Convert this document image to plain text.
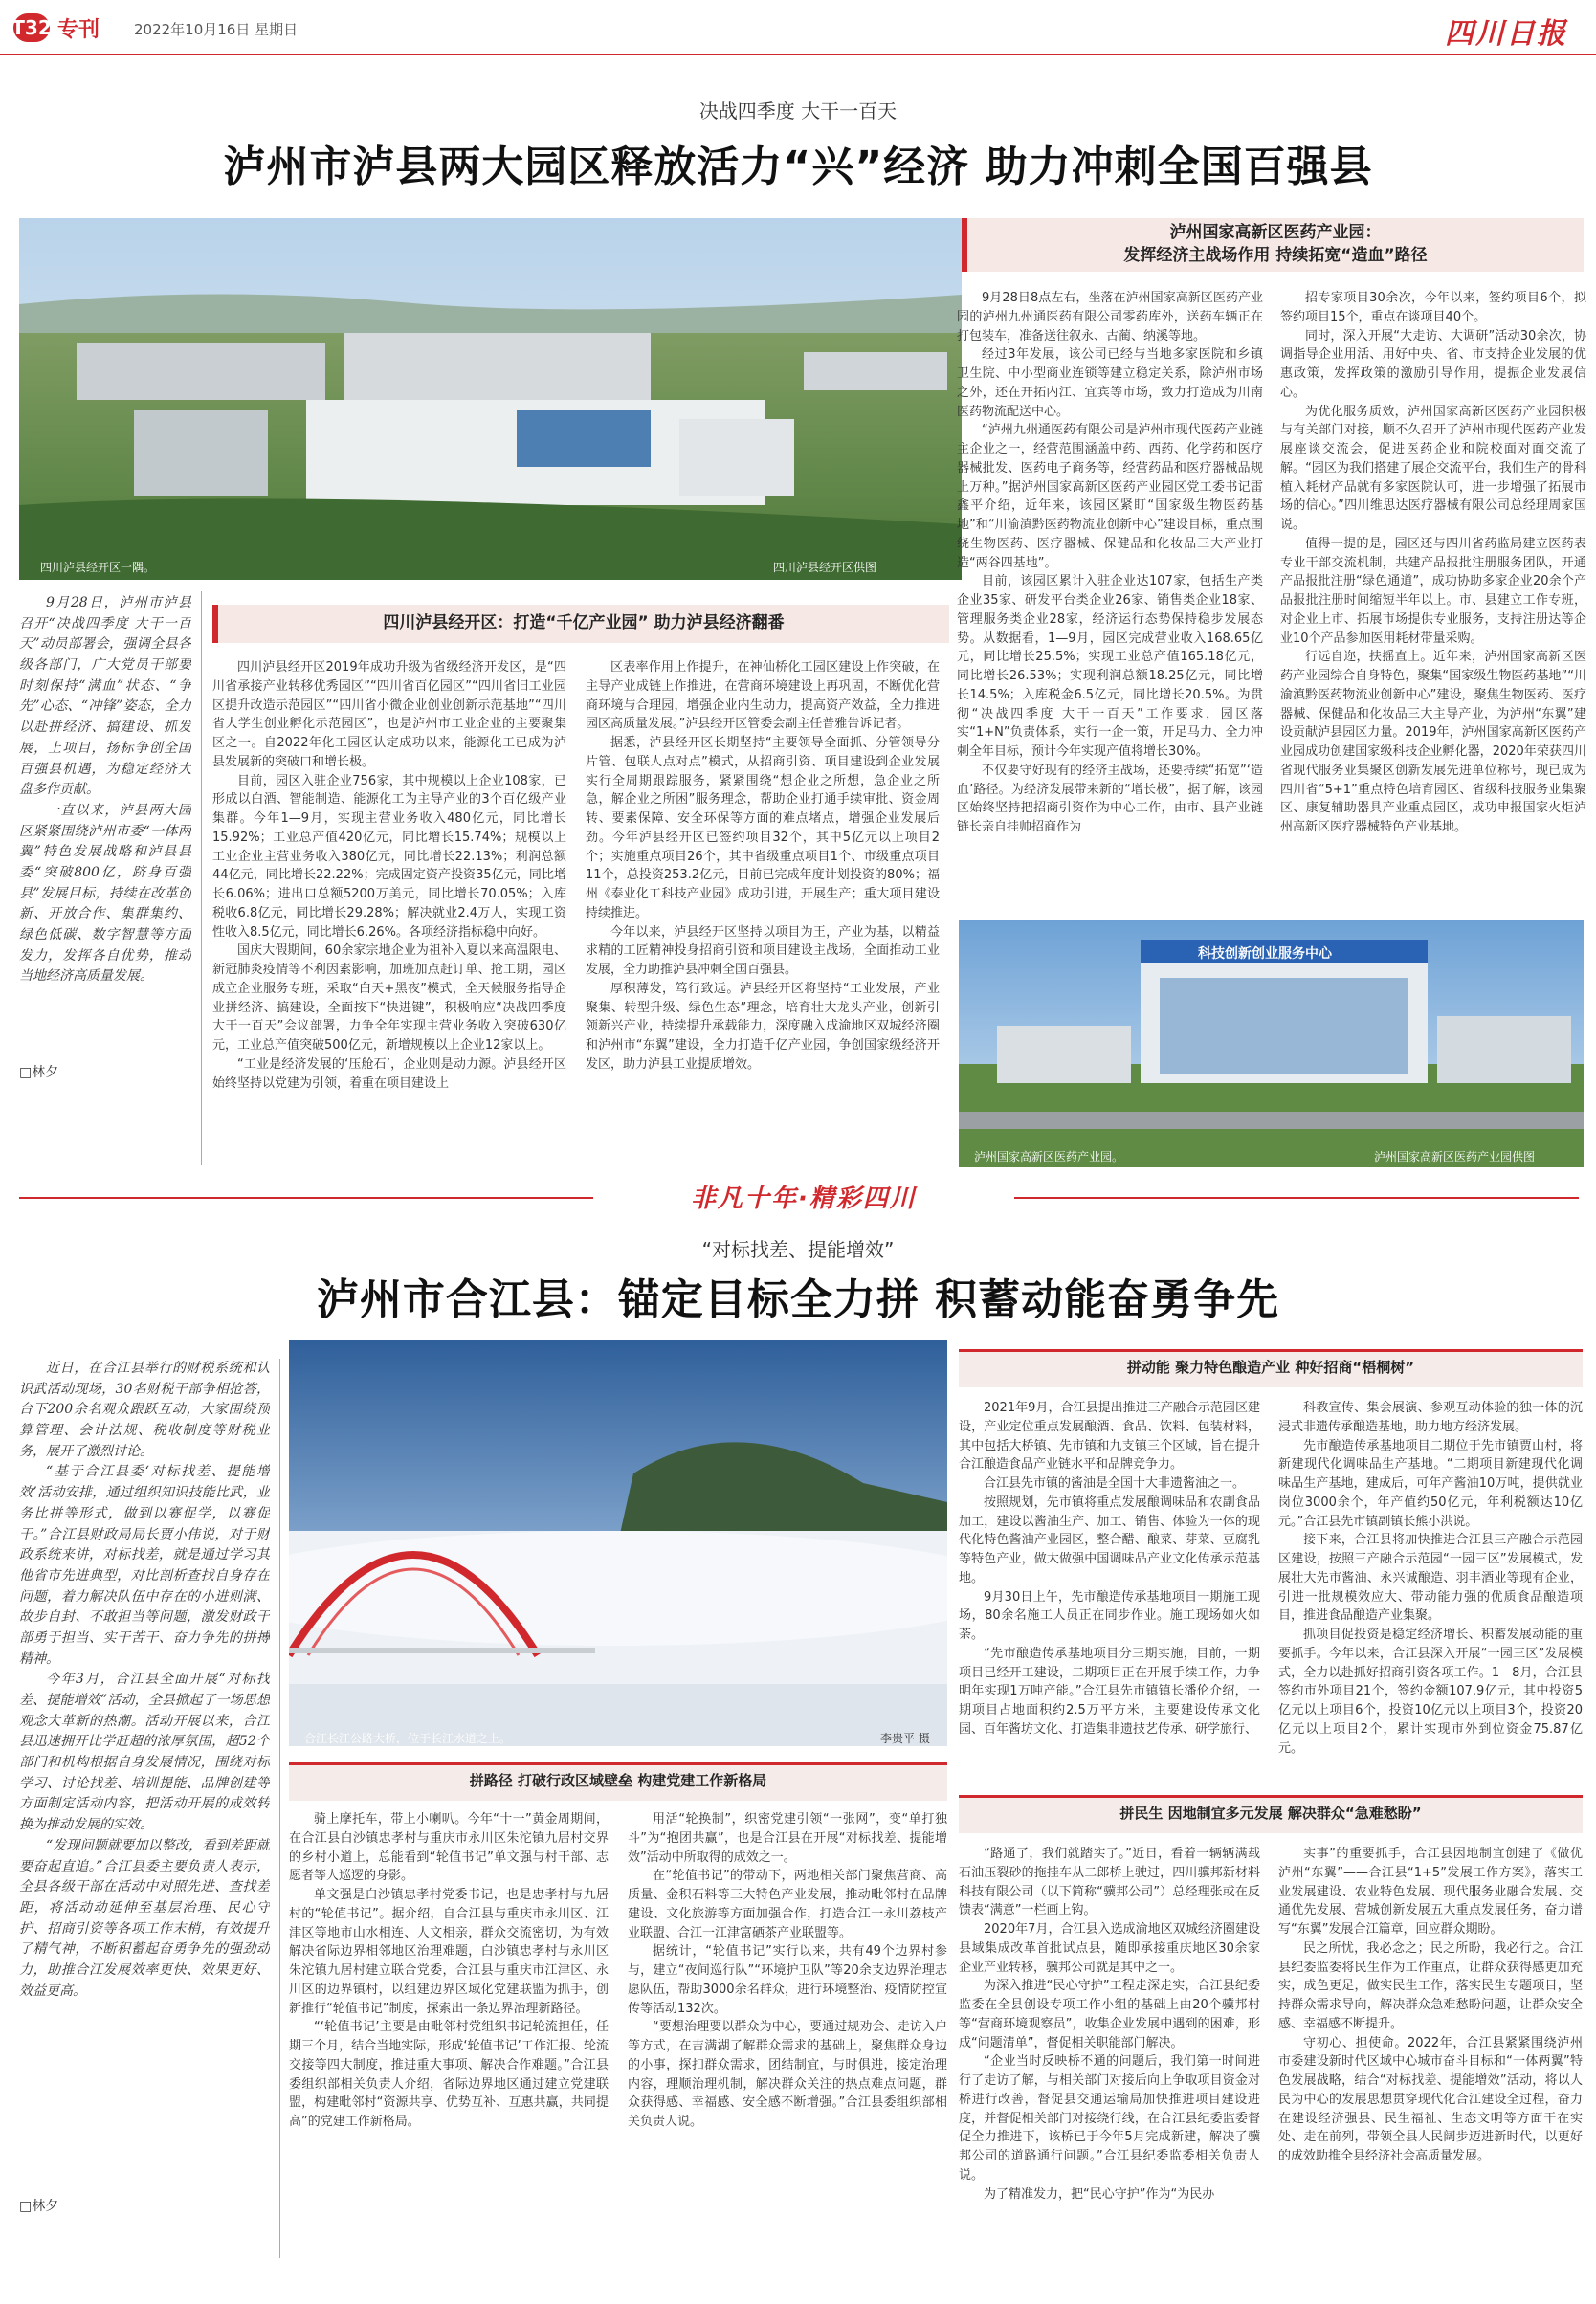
T32 专刊 2022年10月16日 星期日	四川日报
决战四季度 大干一百天
泸州市泸县两大园区释放活力“兴”经济 助力冲刺全国百强县
四川泸县经开区一隅。	四川泸县经开区供图
泸州国家高新区医药产业园：
发挥经济主战场作用 持续拓宽“造血”路径

9月28日8点左右，坐落在泸州国家高新区医药产业园的泸州九州通医药有限公司零药库外，送药车辆正在打包装车，准备送往叙永、古蔺、纳溪等地。

经过3年发展，该公司已经与当地多家医院和乡镇卫生院、中小型商业连锁等建立稳定关系，除泸州市场之外，还在开拓内江、宜宾等市场，致力打造成为川南医药物流配送中心。

“泸州九州通医药有限公司是泸州市现代医药产业链主企业之一，经营范围涵盖中药、西药、化学药和医疗器械批发、医药电子商务等，经营药品和医疗器械品规上万种。”据泸州国家高新区医药产业园区党工委书记雷鑫平介绍，近年来，该园区紧盯“国家级生物医药基地”和“川渝滇黔医药物流业创新中心”建设目标，重点围绕生物医药、医疗器械、保健品和化妆品三大产业打造“两谷四基地”。

目前，该园区累计入驻企业达107家，包括生产类企业35家、研发平台类企业26家、销售类企业18家、管理服务类企业28家，经济运行态势保持稳步发展态势。从数据看，1—9月，园区完成营业收入168.65亿元，同比增长25.5%；实现工业总产值165.18亿元，同比增长26.53%；实现利润总额18.25亿元，同比增长14.5%；入库税金6.5亿元，同比增长20.5%。为贯彻“决战四季度 大干一百天”工作要求，园区落实“1+N”负责体系，实行一企一策，开足马力、全力冲刺全年目标，预计今年实现产值将增长30%。

不仅要守好现有的经济主战场，还要持续“拓宽”‘造血’路径。为经济发展带来新的“增长极”，据了解，该园区始终坚持把招商引资作为中心工作，由市、县产业链链长亲自挂帅招商作为

招专家项目30余次，今年以来，签约项目6个，拟签约项目15个，重点在谈项目40个。

同时，深入开展“大走访、大调研”活动30余次，协调指导企业用活、用好中央、省、市支持企业发展的优惠政策，发挥政策的激励引导作用，提振企业发展信心。

为优化服务质效，泸州国家高新区医药产业园积极与有关部门对接，顺不久召开了泸州市现代医药产业发展座谈交流会，促进医药企业和院校面对面交流了解。“园区为我们搭建了展企交流平台，我们生产的骨科植入耗材产品就有多家医院认可，进一步增强了拓展市场的信心。”四川维思达医疗器械有限公司总经理周家国说。

值得一提的是，园区还与四川省药监局建立医药表专业干部交流机制，共建产品报批注册服务团队，开通产品报批注册“绿色通道”，成功协助多家企业20余个产品报批注册时间缩短半年以上。市、县建立工作专班，对企业上市、拓展市场提供专业服务，支持注册达等企业10个产品参加医用耗材带量采购。

行远自迩，扶摇直上。近年来，泸州国家高新区医药产业园综合自身特色，聚集“国家级生物医药基地”“川渝滇黔医药物流业创新中心”建设，聚焦生物医药、医疗器械、保健品和化妆品三大主导产业，为泸州“东翼”建设贡献泸县园区力量。2019年，泸州国家高新区医药产业园成功创建国家级科技企业孵化器，2020年荣获四川省现代服务业集聚区创新发展先进单位称号，现已成为四川省“5+1”重点特色培育园区、省级科技服务业集聚区、康复辅助器具产业重点园区，成功申报国家火炬泸州高新区医疗器械特色产业基地。

科技创新创业服务中心
泸州国家高新区医药产业园。	泸州国家高新区医药产业园供图

9月28日，泸州市泸县召开“决战四季度 大干一百天”动员部署会，强调全县各级各部门，广大党员干部要时刻保持“满血”状态、“争先”心态、“冲锋”姿态，全力以赴拼经济、搞建设、抓发展，上项目，扬标争创全国百强县机遇，为稳定经济大盘多作贡献。

一直以来，泸县两大园区紧紧围绕泸州市委“一体两翼”特色发展战略和泸县县委“突破800亿，跻身百强县”发展目标，持续在改革创新、开放合作、集群集约、绿色低碳、数字智慧等方面发力，发挥各自优势，推动当地经济高质量发展。

□林夕
四川泸县经开区：打造“千亿产业园” 助力泸县经济翻番

四川泸县经开区2019年成功升级为省级经济开发区，是“四川省承接产业转移优秀园区”“四川省百亿园区”“四川省旧工业园区提升改造示范园区”“四川省小微企业创业创新示范基地”“四川省大学生创业孵化示范园区”，也是泸州市工业企业的主要聚集区之一。自2022年化工园区认定成功以来，能源化工已成为泸县发展新的突破口和增长极。

目前，园区入驻企业756家，其中规模以上企业108家，已形成以白酒、智能制造、能源化工为主导产业的3个百亿级产业集群。今年1—9月，实现主营业务收入480亿元，同比增长15.92%；工业总产值420亿元，同比增长15.74%；规模以上工业企业主营业务收入380亿元，同比增长22.13%；利润总额44亿元，同比增长22.22%；完成固定资产投资35亿元，同比增长6.06%；进出口总额5200万美元，同比增长70.05%；入库税收6.8亿元，同比增长29.28%；解决就业2.4万人，实现工资性收入8.5亿元，同比增长6.26%。各项经济指标稳中向好。

国庆大假期间，60余家宗地企业为祖补入夏以来高温限电、新冠肺炎疫情等不利因素影响，加班加点赶订单、抢工期，园区成立企业服务专班，采取“白天+黑夜”模式，全天候服务指导企业拼经济、搞建设，全面按下“快进键”，积极响应“决战四季度 大干一百天”会议部署，力争全年实现主营业务收入突破630亿元，工业总产值突破500亿元，新增规模以上企业12家以上。

“工业是经济发展的‘压舱石’，企业则是动力源。泸县经开区始终坚持以党建为引领，着重在项目建设上

区表率作用上作提升，在神仙桥化工园区建设上作突破，在主导产业成链上作推进，在营商环境建设上再巩固，不断优化营商环境与合理园，增强企业内生动力，提高资产效益，全力推进园区高质量发展。”泸县经开区管委会副主任普雅告诉记者。

据悉，泸县经开区长期坚持“主要领导全面抓、分管领导分片管、包联人点对点”模式，从招商引资、项目建设到企业发展实行全周期跟踪服务，紧紧围绕“想企业之所想，急企业之所急，解企业之所困”服务理念，帮助企业打通手续审批、资金周转、要素保障、安全环保等方面的难点堵点，增强企业发展后劲。今年泸县经开区已签约项目32个，其中5亿元以上项目2个；实施重点项目26个，其中省级重点项目1个、市级重点项目11个，总投资253.2亿元，目前已完成年度计划投资的80%；福州《泰业化工科技产业园》成功引进，开展生产；重大项目建设持续推进。

今年以来，泸县经开区坚持以项目为王，产业为基，以精益求精的工匠精神投身招商引资和项目建设主战场，全面推动工业发展，全力助推泸县冲刺全国百强县。

厚积薄发，笃行致远。泸县经开区将坚持“工业发展，产业聚集、转型升级、绿色生态”理念，培育壮大龙头产业，创新引领新兴产业，持续提升承载能力，深度融入成渝地区双城经济圈和泸州市“东翼”建设，全力打造千亿产业园，争创国家级经济开发区，助力泸县工业提质增效。

非凡十年·精彩四川
“对标找差、提能增效”
泸州市合江县：锚定目标全力拼 积蓄动能奋勇争先
合江长江公路大桥，位于长江水道之上。	李贵平 摄

近日，在合江县举行的财税系统和认识武活动现场，30名财税干部争相抢答，台下200余名观众跟跃互动，大家围绕预算管理、会计法规、税收制度等财税业务，展开了激烈讨论。

“基于合江县委‘对标找差、提能增效’活动安排，通过组织知识技能比武，业务比拼等形式，做到以赛促学，以赛促干。”合江县财政局局长贾小伟说，对于财政系统来讲，对标找差，就是通过学习其他省市先进典型，对比剖析查找自身存在问题，着力解决队伍中存在的小进则满、故步自封、不敢担当等问题，激发财政干部勇于担当、实干苦干、奋力争先的拼搏精神。

今年3月，合江县全面开展“对标找差、提能增效”活动，全县掀起了一场思想观念大革新的热潮。活动开展以来，合江县迅速拥开比学赶超的浓厚氛围，超52个部门和机构根据自身发展情况，围绕对标学习、讨论找差、培训提能、品牌创建等方面制定活动内容，把活动开展的成效转换为推动发展的实效。

“发现问题就要加以整改，看到差距就要奋起直追。”合江县委主要负责人表示，全县各级干部在活动中对照先进、查找差距，将活动动延伸至基层治理、民心守护、招商引资等各项工作末梢，有效提升了精气神，不断积蓄起奋勇争先的强劲动力，助推合江发展效率更快、效果更好、效益更高。

□林夕
拼动能 聚力特色酿造产业 种好招商“梧桐树”

2021年9月，合江县提出推进三产融合示范园区建设，产业定位重点发展酿酒、食品、饮料、包装材料，其中包括大桥镇、先市镇和九支镇三个区域，旨在提升合江酿造食品产业链水平和品牌竞争力。

合江县先市镇的酱油是全国十大非遗酱油之一。

按照规划，先市镇将重点发展酿调味品和农副食品加工，建设以酱油生产、加工、销售、体验为一体的现代化特色酱油产业园区，整合醋、酿菜、芽菜、豆腐乳等特色产业，做大做强中国调味品产业文化传承示范基地。

9月30日上午，先市酿造传承基地项目一期施工现场，80余名施工人员正在同步作业。施工现场如火如荼。

“先市酿造传承基地项目分三期实施，目前，一期项目已经开工建设，二期项目正在开展手续工作，力争明年实现1万吨产能。”合江县先市镇镇长潘伦介绍，一期项目占地面积约2.5万平方米，主要建设传承文化园、百年酱坊文化、打造集非遗技艺传承、研学旅行、

科教宣传、集会展演、参观互动体验的独一体的沉浸式非遗传承酿造基地，助力地方经济发展。

先市酿造传承基地项目二期位于先市镇贾山村，将新建现代化调味品生产基地。“二期项目新建现代化调味品生产基地，建成后，可年产酱油10万吨，提供就业岗位3000余个，年产值约50亿元，年利税额达10亿元。”合江县先市镇副镇长熊小洪说。

接下来，合江县将加快推进合江县三产融合示范园区建设，按照三产融合示范园“一园三区”发展模式，发展壮大先市酱油、永兴诚酿造、羽丰酒业等现有企业，引进一批规模效应大、带动能力强的优质食品酿造项目，推进食品酿造产业集聚。

抓项目促投资是稳定经济增长、积蓄发展动能的重要抓手。今年以来，合江县深入开展“一园三区”发展模式，全力以赴抓好招商引资各项工作。1—8月，合江县签约市外项目21个，签约金额107.9亿元，其中投资5亿元以上项目6个，投资10亿元以上项目3个，投资20亿元以上项目2个，累计实现市外到位资金75.87亿元。

拼路径 打破行政区域壁垒 构建党建工作新格局

骑上摩托车，带上小喇叭。今年“十一”黄金周期间，在合江县白沙镇忠孝村与重庆市永川区朱沱镇九居村交界的乡村小道上，总能看到“轮值书记”单文强与村干部、志愿者等人巡逻的身影。

单文强是白沙镇忠孝村党委书记，也是忠孝村与九居村的“轮值书记”。据介绍，自合江县与重庆市永川区、江津区等地市山水相连、人文相亲，群众交流密切，为有效解决省际边界相邻地区治理难题，白沙镇忠孝村与永川区朱沱镇九居村建立联合党委，合江县与重庆市江津区、永川区的边界镇村，以组建边界区域化党建联盟为抓手，创新推行“轮值书记”制度，探索出一条边界治理新路径。

“‘轮值书记’主要是由毗邻村党组织书记轮流担任，任期三个月，结合当地实际，形成‘轮值书记’工作汇报、轮流交接等四大制度，推进重大事项、解决合作难题。”合江县委组织部相关负责人介绍，省际边界地区通过建立党建联盟，构建毗邻村“资源共享、优势互补、互惠共赢，共同提高”的党建工作新格局。

用活“轮换制”，织密党建引领“一张网”，变“单打独斗”为“抱团共赢”，也是合江县在开展“对标找差、提能增效”活动中所取得的成效之一。

在“轮值书记”的带动下，两地相关部门聚焦营商、高质量、金积石料等三大特色产业发展，推动毗邻村在品牌建设、文化旅游等方面加强合作，打造合江一永川荔枝产业联盟、合江一江津富硒茶产业联盟等。

据统计，“轮值书记”实行以来，共有49个边界村参与，建立“夜间巡行队”“环境护卫队”等20余支边界治理志愿队伍，帮助3000余名群众，进行环境整治、疫情防控宣传等活动132次。

“要想治理要以群众为中心，要通过规劝会、走访入户等方式，在吉满湖了解群众需求的基础上，聚焦群众身边的小事，探扣群众需求，团结制宜，与时俱进，接定治理内容，理顺治理机制，解决群众关注的热点难点问题，群众获得感、幸福感、安全感不断增强。”合江县委组织部相关负责人说。

拼民生 因地制宜多元发展 解决群众“急难愁盼”

“路通了，我们就踏实了。”近日，看着一辆辆满载石油压裂砂的拖挂车从二郎桥上驶过，四川骥邦新材料科技有限公司（以下简称“骥邦公司”）总经理张或在反馈表“满意”一栏画上钩。

2020年7月，合江县入选成渝地区双城经济圈建设县域集成改革首批试点县，随即承接重庆地区30余家企业产业转移，骥邦公司就是其中之一。

为深入推进“民心守护”工程走深走实，合江县纪委监委在全县创设专项工作小组的基础上由20个骥邦村等“营商环境观察员”，收集企业发展中遇到的困难，形成“问题清单”，督促相关职能部门解决。

“企业当时反映桥不通的问题后，我们第一时间进行了走访了解，与相关部门对接后向上争取项目资金对桥进行改善，督促县交通运输局加快推进项目建设进度，并督促相关部门对接绕行线，在合江县纪委监委督促全力推进下，该桥已于今年5月完成新建，解决了骥邦公司的道路通行问题。”合江县纪委监委相关负责人说。

为了精准发力，把“民心守护”作为“为民办

实事”的重要抓手，合江县因地制宜创建了《做优泸州“东翼”——合江县“1+5”发展工作方案》，落实工业发展建设、农业特色发展、现代服务业融合发展、交通优先发展、营城创新发展五大重点发展任务，奋力谱写“东翼”发展合江篇章，回应群众期盼。

民之所忧，我必念之；民之所盼，我必行之。合江县纪委监委将民生作为工作重点，让群众获得感更加充实，成色更足，做实民生工作，落实民生专题项目，坚持群众需求导向，解决群众急难愁盼问题，让群众安全感、幸福感不断提升。

守初心、担使命。2022年，合江县紧紧围绕泸州市委建设新时代区域中心城市奋斗目标和“一体两翼”特色发展战略，结合“对标找差、提能增效”活动，将以人民为中心的发展思想贯穿现代化合江建设全过程，奋力在建设经济强县、民生福祉、生态文明等方面干在实处、走在前列，带领全县人民阔步迈进新时代，以更好的成效助推全县经济社会高质量发展。
